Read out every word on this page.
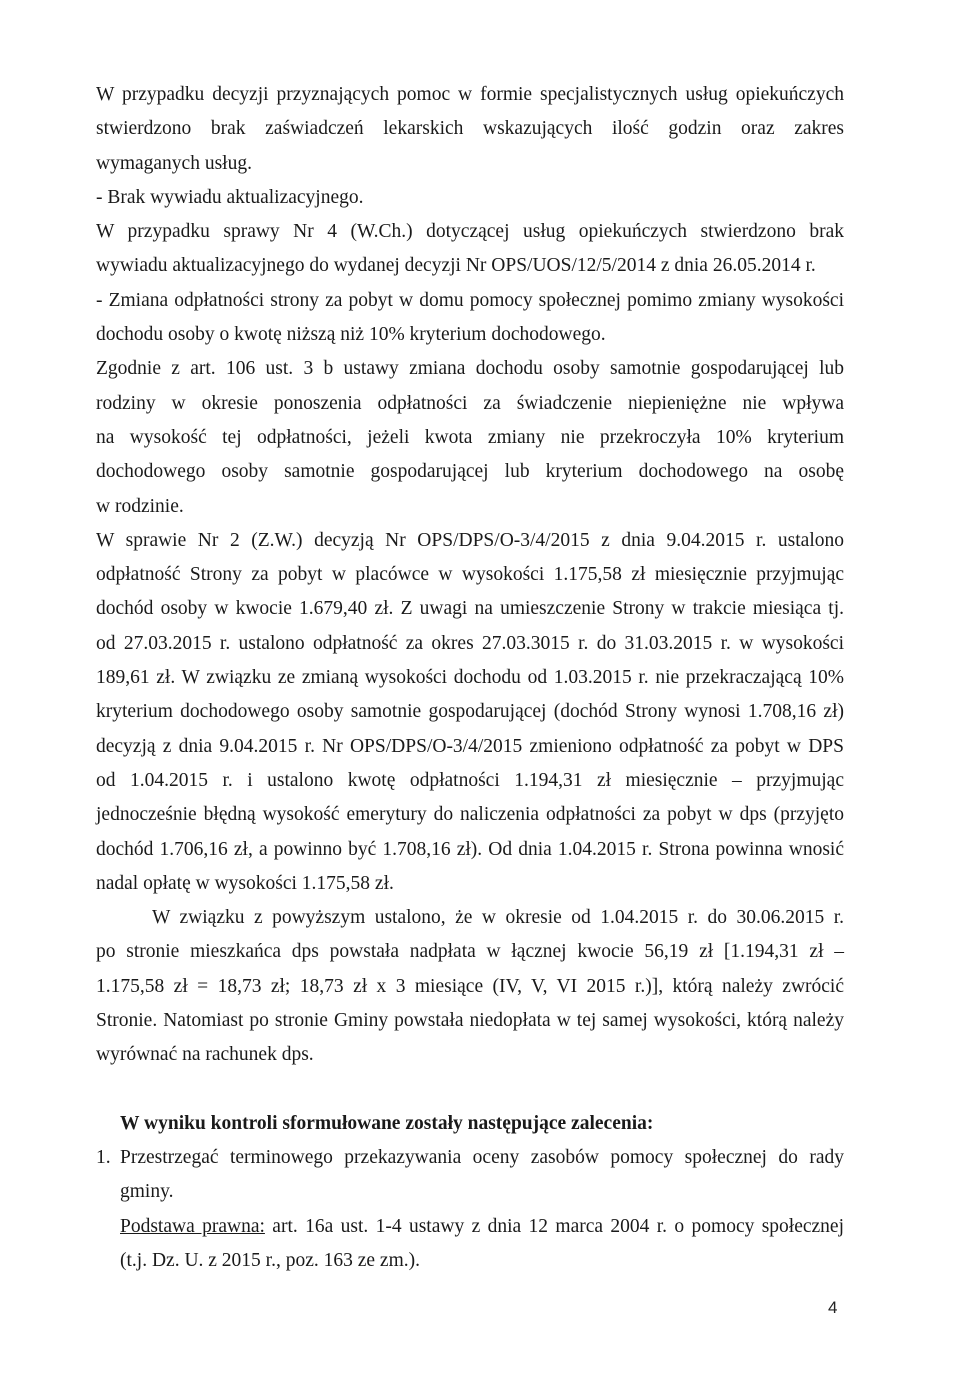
W przypadku decyzji przyznających pomoc w formie specjalistycznych usług opiekuńczych
stwierdzono brak zaświadczeń lekarskich wskazujących ilość godzin oraz zakres
wymaganych usług.
- Brak wywiadu aktualizacyjnego.
W przypadku sprawy Nr 4 (W.Ch.) dotyczącej usług opiekuńczych stwierdzono brak
wywiadu aktualizacyjnego do wydanej decyzji Nr OPS/UOS/12/5/2014 z dnia 26.05.2014 r.
- Zmiana odpłatności strony za pobyt w domu pomocy społecznej pomimo zmiany wysokości
dochodu osoby o kwotę niższą niż 10% kryterium dochodowego.
Zgodnie z art. 106 ust. 3 b ustawy zmiana dochodu osoby samotnie gospodarującej lub
rodziny w okresie ponoszenia odpłatności za świadczenie niepieniężne nie wpływa
na wysokość tej odpłatności, jeżeli kwota zmiany nie przekroczyła 10% kryterium
dochodowego osoby samotnie gospodarującej lub kryterium dochodowego na osobę
w rodzinie.
W sprawie Nr 2 (Z.W.) decyzją Nr OPS/DPS/O-3/4/2015 z dnia 9.04.2015 r. ustalono
odpłatność Strony za pobyt w placówce w wysokości 1.175,58 zł miesięcznie przyjmując
dochód osoby w kwocie 1.679,40 zł. Z uwagi na umieszczenie Strony w trakcie miesiąca tj.
od 27.03.2015 r. ustalono odpłatność za okres 27.03.3015 r. do 31.03.2015 r. w wysokości
189,61 zł. W związku ze zmianą wysokości dochodu od 1.03.2015 r. nie przekraczającą 10%
kryterium dochodowego osoby samotnie gospodarującej (dochód Strony wynosi 1.708,16 zł)
decyzją z dnia 9.04.2015 r. Nr OPS/DPS/O-3/4/2015 zmieniono odpłatność za pobyt w DPS
od 1.04.2015 r. i ustalono kwotę odpłatności 1.194,31 zł miesięcznie – przyjmując
jednocześnie błędną wysokość emerytury do naliczenia odpłatności za pobyt w dps (przyjęto
dochód 1.706,16 zł, a powinno być 1.708,16 zł). Od dnia 1.04.2015 r. Strona powinna wnosić
nadal opłatę w wysokości 1.175,58 zł.
W związku z powyższym ustalono, że w okresie od 1.04.2015 r. do 30.06.2015 r.
po stronie mieszkańca dps powstała nadpłata w łącznej kwocie 56,19 zł [1.194,31 zł –
1.175,58 zł = 18,73 zł; 18,73 zł x 3 miesiące (IV, V, VI 2015 r.)], którą należy zwrócić
Stronie. Natomiast po stronie Gminy powstała niedopłata w tej samej wysokości, którą należy
wyrównać na rachunek dps.
W wyniku kontroli sformułowane zostały następujące zalecenia:
1. Przestrzegać terminowego przekazywania oceny zasobów pomocy społecznej do rady
gminy.
Podstawa prawna: art. 16a ust. 1-4 ustawy z dnia 12 marca 2004 r. o pomocy społecznej
(t.j. Dz. U. z 2015 r., poz. 163 ze zm.).
4
